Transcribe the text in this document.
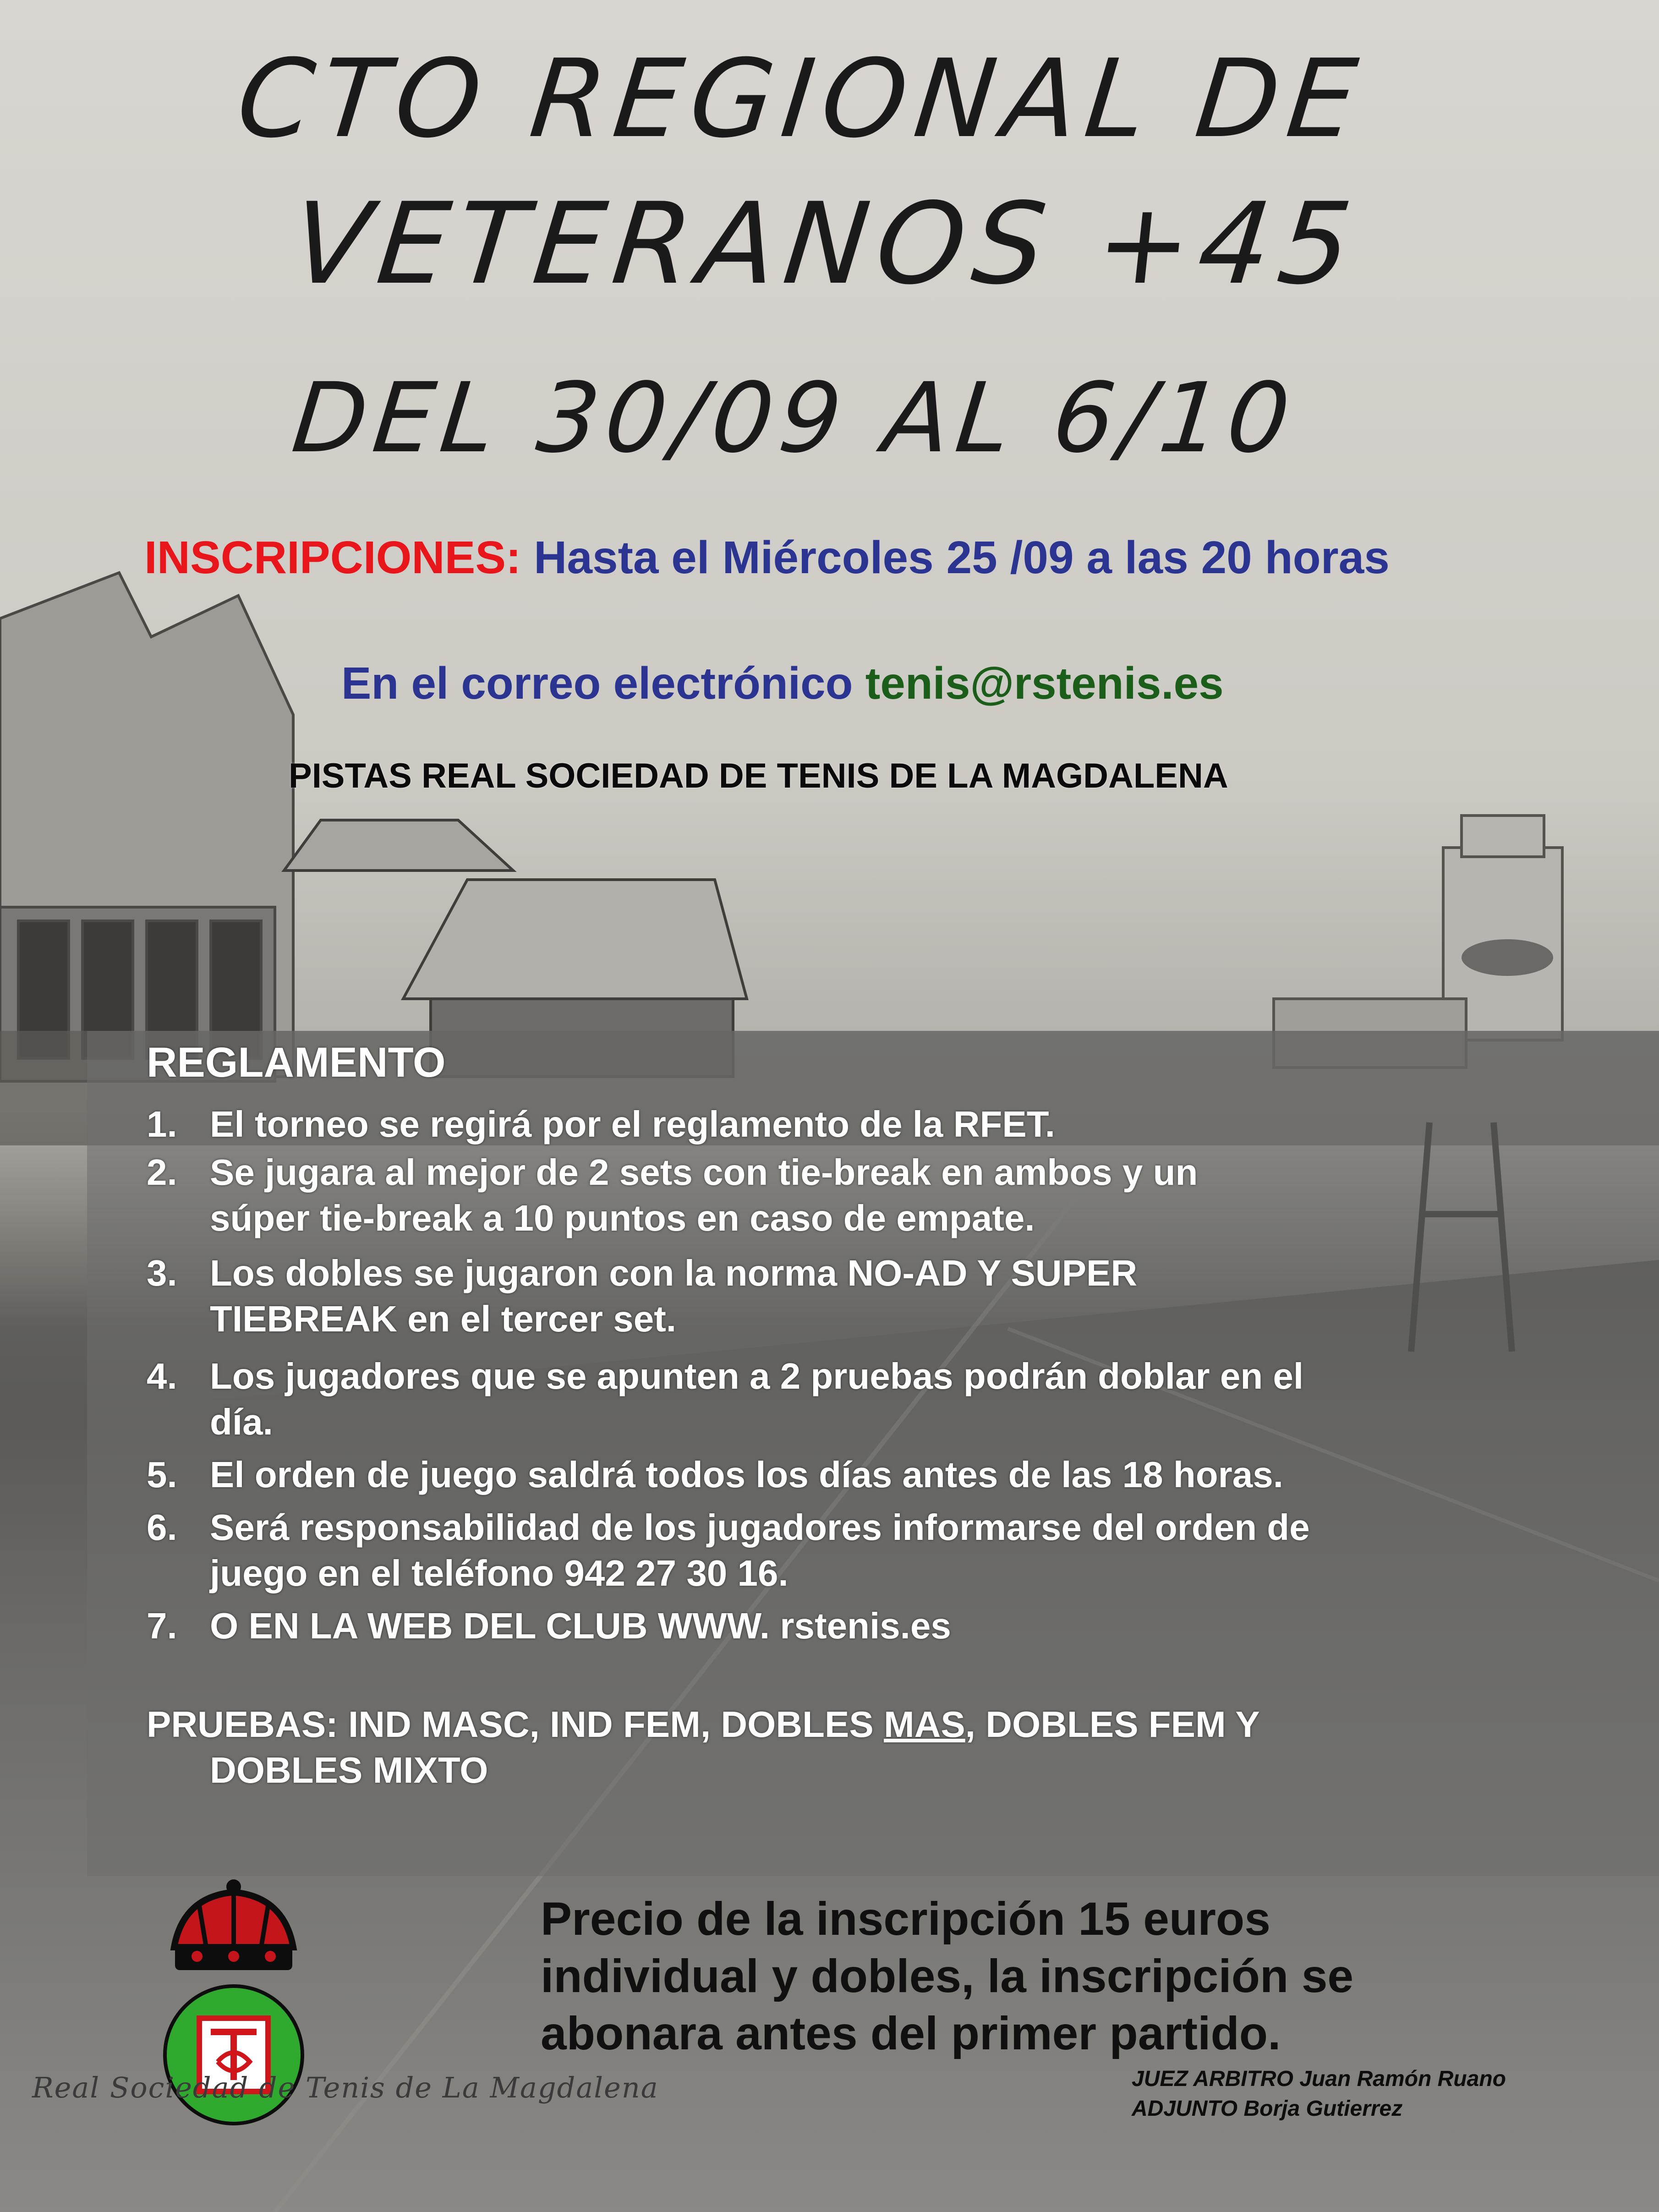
CTO REGIONAL DE
VETERANOS +45
DEL 30/09 AL 6/10
INSCRIPCIONES: Hasta el Miércoles 25 /09 a las 20 horas
En el correo electrónico tenis@rstenis.es
PISTAS REAL SOCIEDAD DE TENIS DE LA MAGDALENA
REGLAMENTO
1. El torneo se regirá por el reglamento de la RFET.
2. Se jugara al mejor de 2 sets con tie-break en ambos y un
súper tie-break a 10 puntos en caso de empate.
3. Los dobles se jugaron con la norma NO-AD Y SUPER
TIEBREAK en el tercer set.
4. Los jugadores que se apunten a 2 pruebas podrán doblar en el
día.
5. El orden de juego saldrá todos los días antes de las 18 horas.
6. Será responsabilidad de los jugadores informarse del orden de
juego en el teléfono 942 27 30 16.
7. O EN LA WEB DEL CLUB WWW. rstenis.es
PRUEBAS: IND MASC, IND FEM, DOBLES MAS, DOBLES FEM Y
DOBLES MIXTO
Precio de la inscripción 15 euros
individual y dobles, la inscripción se
abonara antes del primer partido.
Real Sociedad de Tenis de La Magdalena	JUEZ ARBITRO Juan Ramón Ruano
ADJUNTO Borja Gutierrez
